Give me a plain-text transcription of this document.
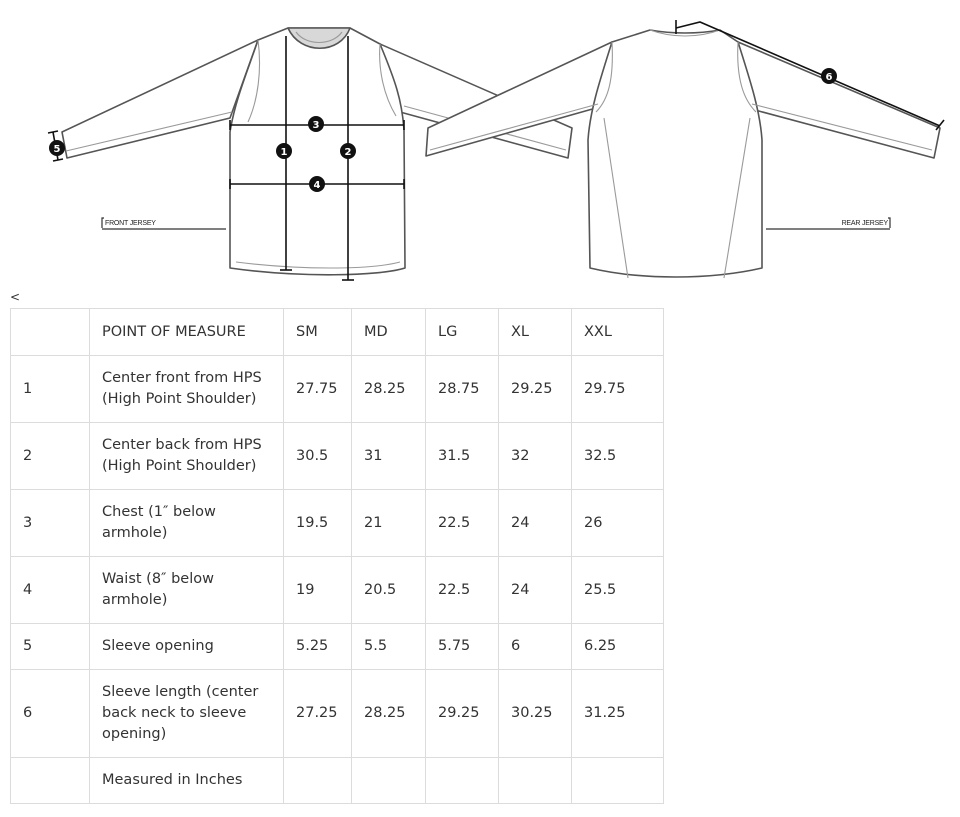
1	2
3
4
5
FRONT JERSEY
6
REAR JERSEY
<
	POINT OF MEASURE	SM	MD	LG	XL	XXL
1	Center front from HPS (High Point Shoulder)	27.75	28.25	28.75	29.25	29.75
2	Center back from HPS (High Point Shoulder)	30.5	31	31.5	32	32.5
3	Chest (1″ below armhole)	19.5	21	22.5	24	26
4	Waist (8″ below armhole)	19	20.5	22.5	24	25.5
5	Sleeve opening	5.25	5.5	5.75	6	6.25
6	Sleeve length (center back neck to sleeve opening)	27.25	28.25	29.25	30.25	31.25
	Measured in Inches					
